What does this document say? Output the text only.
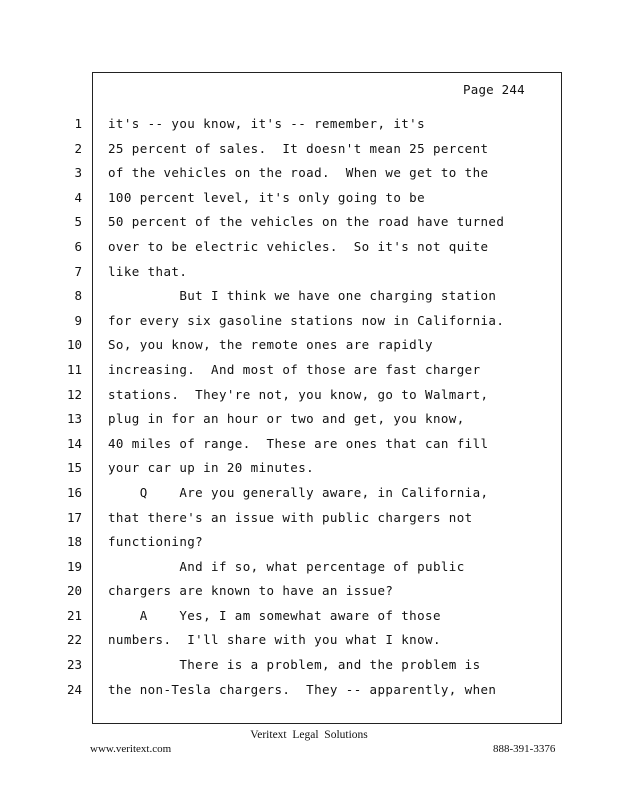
Page 244
1
2
3
4
5
6
7
8
9
10
11
12
13
14
15
16
17
18
19
20
21
22
23
24
it's -- you know, it's -- remember, it's
25 percent of sales.  It doesn't mean 25 percent
of the vehicles on the road.  When we get to the
100 percent level, it's only going to be
50 percent of the vehicles on the road have turned
over to be electric vehicles.  So it's not quite
like that.
But I think we have one charging station
for every six gasoline stations now in California.
So, you know, the remote ones are rapidly
increasing.  And most of those are fast charger
stations.  They're not, you know, go to Walmart,
plug in for an hour or two and get, you know,
40 miles of range.  These are ones that can fill
your car up in 20 minutes.
Q    Are you generally aware, in California,
that there's an issue with public chargers not
functioning?
And if so, what percentage of public
chargers are known to have an issue?
A    Yes, I am somewhat aware of those
numbers.  I'll share with you what I know.
There is a problem, and the problem is
the non-Tesla chargers.  They -- apparently, when
Veritext  Legal  Solutions
www.veritext.com	888-391-3376
